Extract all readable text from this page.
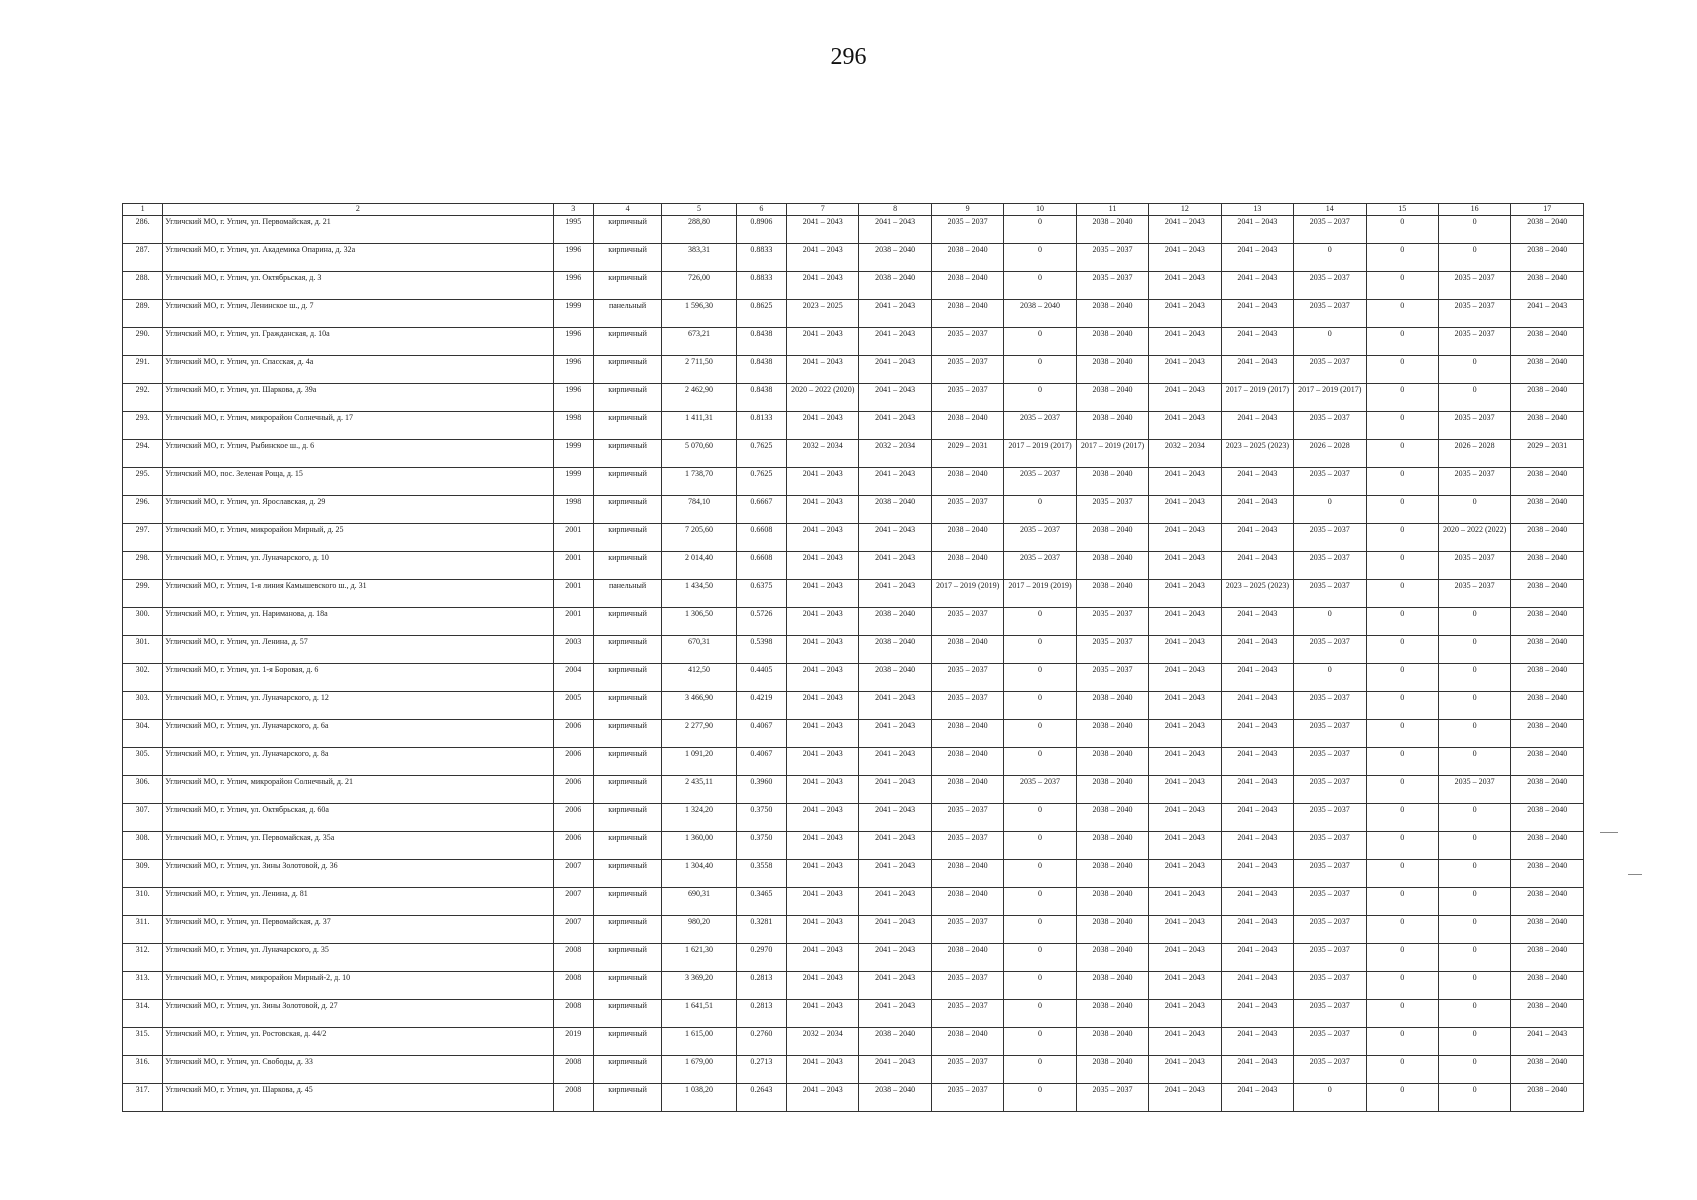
296
1	2	3	4	5	6	7	8	9	10	11	12	13	14	15	16	17
286.	Угличский МО, г. Углич, ул. Первомайская, д. 21	1995	кирпичный	288,80	0.8906	2041 – 2043	2041 – 2043	2035 – 2037	0	2038 – 2040	2041 – 2043	2041 – 2043	2035 – 2037	0	0	2038 – 2040
287.	Угличский МО, г. Углич, ул. Академика Опарина, д. 32а	1996	кирпичный	383,31	0.8833	2041 – 2043	2038 – 2040	2038 – 2040	0	2035 – 2037	2041 – 2043	2041 – 2043	0	0	0	2038 – 2040
288.	Угличский МО, г. Углич, ул. Октябрьская, д. 3	1996	кирпичный	726,00	0.8833	2041 – 2043	2038 – 2040	2038 – 2040	0	2035 – 2037	2041 – 2043	2041 – 2043	2035 – 2037	0	2035 – 2037	2038 – 2040
289.	Угличский МО, г. Углич, Ленинское ш., д. 7	1999	панельный	1 596,30	0.8625	2023 – 2025	2041 – 2043	2038 – 2040	2038 – 2040	2038 – 2040	2041 – 2043	2041 – 2043	2035 – 2037	0	2035 – 2037	2041 – 2043
290.	Угличский МО, г. Углич, ул. Гражданская, д. 10а	1996	кирпичный	673,21	0.8438	2041 – 2043	2041 – 2043	2035 – 2037	0	2038 – 2040	2041 – 2043	2041 – 2043	0	0	2035 – 2037	2038 – 2040
291.	Угличский МО, г. Углич, ул. Спасская, д. 4а	1996	кирпичный	2 711,50	0.8438	2041 – 2043	2041 – 2043	2035 – 2037	0	2038 – 2040	2041 – 2043	2041 – 2043	2035 – 2037	0	0	2038 – 2040
292.	Угличский МО, г. Углич, ул. Шаркова, д. 39а	1996	кирпичный	2 462,90	0.8438	2020 – 2022 (2020)	2041 – 2043	2035 – 2037	0	2038 – 2040	2041 – 2043	2017 – 2019 (2017)	2017 – 2019 (2017)	0	0	2038 – 2040
293.	Угличский МО, г. Углич, микрорайон Солнечный, д. 17	1998	кирпичный	1 411,31	0.8133	2041 – 2043	2041 – 2043	2038 – 2040	2035 – 2037	2038 – 2040	2041 – 2043	2041 – 2043	2035 – 2037	0	2035 – 2037	2038 – 2040
294.	Угличский МО, г. Углич, Рыбинское ш., д. 6	1999	кирпичный	5 070,60	0.7625	2032 – 2034	2032 – 2034	2029 – 2031	2017 – 2019 (2017)	2017 – 2019 (2017)	2032 – 2034	2023 – 2025 (2023)	2026 – 2028	0	2026 – 2028	2029 – 2031
295.	Угличский МО, пос. Зеленая Роща, д. 15	1999	кирпичный	1 738,70	0.7625	2041 – 2043	2041 – 2043	2038 – 2040	2035 – 2037	2038 – 2040	2041 – 2043	2041 – 2043	2035 – 2037	0	2035 – 2037	2038 – 2040
296.	Угличский МО, г. Углич, ул. Ярославская, д. 29	1998	кирпичный	784,10	0.6667	2041 – 2043	2038 – 2040	2035 – 2037	0	2035 – 2037	2041 – 2043	2041 – 2043	0	0	0	2038 – 2040
297.	Угличский МО, г. Углич, микрорайон Мирный, д. 25	2001	кирпичный	7 205,60	0.6608	2041 – 2043	2041 – 2043	2038 – 2040	2035 – 2037	2038 – 2040	2041 – 2043	2041 – 2043	2035 – 2037	0	2020 – 2022 (2022)	2038 – 2040
298.	Угличский МО, г. Углич, ул. Луначарского, д. 10	2001	кирпичный	2 014,40	0.6608	2041 – 2043	2041 – 2043	2038 – 2040	2035 – 2037	2038 – 2040	2041 – 2043	2041 – 2043	2035 – 2037	0	2035 – 2037	2038 – 2040
299.	Угличский МО, г. Углич, 1-я линия Камышевского ш., д. 31	2001	панельный	1 434,50	0.6375	2041 – 2043	2041 – 2043	2017 – 2019 (2019)	2017 – 2019 (2019)	2038 – 2040	2041 – 2043	2023 – 2025 (2023)	2035 – 2037	0	2035 – 2037	2038 – 2040
300.	Угличский МО, г. Углич, ул. Нариманова, д. 18а	2001	кирпичный	1 306,50	0.5726	2041 – 2043	2038 – 2040	2035 – 2037	0	2035 – 2037	2041 – 2043	2041 – 2043	0	0	0	2038 – 2040
301.	Угличский МО, г. Углич, ул. Ленина, д. 57	2003	кирпичный	670,31	0.5398	2041 – 2043	2038 – 2040	2038 – 2040	0	2035 – 2037	2041 – 2043	2041 – 2043	2035 – 2037	0	0	2038 – 2040
302.	Угличский МО, г. Углич, ул. 1-я Боровая, д. 6	2004	кирпичный	412,50	0.4405	2041 – 2043	2038 – 2040	2035 – 2037	0	2035 – 2037	2041 – 2043	2041 – 2043	0	0	0	2038 – 2040
303.	Угличский МО, г. Углич, ул. Луначарского, д. 12	2005	кирпичный	3 466,90	0.4219	2041 – 2043	2041 – 2043	2035 – 2037	0	2038 – 2040	2041 – 2043	2041 – 2043	2035 – 2037	0	0	2038 – 2040
304.	Угличский МО, г. Углич, ул. Луначарского, д. 6а	2006	кирпичный	2 277,90	0.4067	2041 – 2043	2041 – 2043	2038 – 2040	0	2038 – 2040	2041 – 2043	2041 – 2043	2035 – 2037	0	0	2038 – 2040
305.	Угличский МО, г. Углич, ул. Луначарского, д. 8а	2006	кирпичный	1 091,20	0.4067	2041 – 2043	2041 – 2043	2038 – 2040	0	2038 – 2040	2041 – 2043	2041 – 2043	2035 – 2037	0	0	2038 – 2040
306.	Угличский МО, г. Углич, микрорайон Солнечный, д. 21	2006	кирпичный	2 435,11	0.3960	2041 – 2043	2041 – 2043	2038 – 2040	2035 – 2037	2038 – 2040	2041 – 2043	2041 – 2043	2035 – 2037	0	2035 – 2037	2038 – 2040
307.	Угличский МО, г. Углич, ул. Октябрьская, д. 60а	2006	кирпичный	1 324,20	0.3750	2041 – 2043	2041 – 2043	2035 – 2037	0	2038 – 2040	2041 – 2043	2041 – 2043	2035 – 2037	0	0	2038 – 2040
308.	Угличский МО, г. Углич, ул. Первомайская, д. 35а	2006	кирпичный	1 360,00	0.3750	2041 – 2043	2041 – 2043	2035 – 2037	0	2038 – 2040	2041 – 2043	2041 – 2043	2035 – 2037	0	0	2038 – 2040
309.	Угличский МО, г. Углич, ул. Зины Золотовой, д. 36	2007	кирпичный	1 304,40	0.3558	2041 – 2043	2041 – 2043	2038 – 2040	0	2038 – 2040	2041 – 2043	2041 – 2043	2035 – 2037	0	0	2038 – 2040
310.	Угличский МО, г. Углич, ул. Ленина, д. 81	2007	кирпичный	690,31	0.3465	2041 – 2043	2041 – 2043	2038 – 2040	0	2038 – 2040	2041 – 2043	2041 – 2043	2035 – 2037	0	0	2038 – 2040
311.	Угличский МО, г. Углич, ул. Первомайская, д. 37	2007	кирпичный	980,20	0.3281	2041 – 2043	2041 – 2043	2035 – 2037	0	2038 – 2040	2041 – 2043	2041 – 2043	2035 – 2037	0	0	2038 – 2040
312.	Угличский МО, г. Углич, ул. Луначарского, д. 35	2008	кирпичный	1 621,30	0.2970	2041 – 2043	2041 – 2043	2038 – 2040	0	2038 – 2040	2041 – 2043	2041 – 2043	2035 – 2037	0	0	2038 – 2040
313.	Угличский МО, г. Углич, микрорайон Мирный-2, д. 10	2008	кирпичный	3 369,20	0.2813	2041 – 2043	2041 – 2043	2035 – 2037	0	2038 – 2040	2041 – 2043	2041 – 2043	2035 – 2037	0	0	2038 – 2040
314.	Угличский МО, г. Углич, ул. Зины Золотовой, д. 27	2008	кирпичный	1 641,51	0.2813	2041 – 2043	2041 – 2043	2035 – 2037	0	2038 – 2040	2041 – 2043	2041 – 2043	2035 – 2037	0	0	2038 – 2040
315.	Угличский МО, г. Углич, ул. Ростовская, д. 44/2	2019	кирпичный	1 615,00	0.2760	2032 – 2034	2038 – 2040	2038 – 2040	0	2038 – 2040	2041 – 2043	2041 – 2043	2035 – 2037	0	0	2041 – 2043
316.	Угличский МО, г. Углич, ул. Свободы, д. 33	2008	кирпичный	1 679,00	0.2713	2041 – 2043	2041 – 2043	2035 – 2037	0	2038 – 2040	2041 – 2043	2041 – 2043	2035 – 2037	0	0	2038 – 2040
317.	Угличский МО, г. Углич, ул. Шаркова, д. 45	2008	кирпичный	1 038,20	0.2643	2041 – 2043	2038 – 2040	2035 – 2037	0	2035 – 2037	2041 – 2043	2041 – 2043	0	0	0	2038 – 2040
